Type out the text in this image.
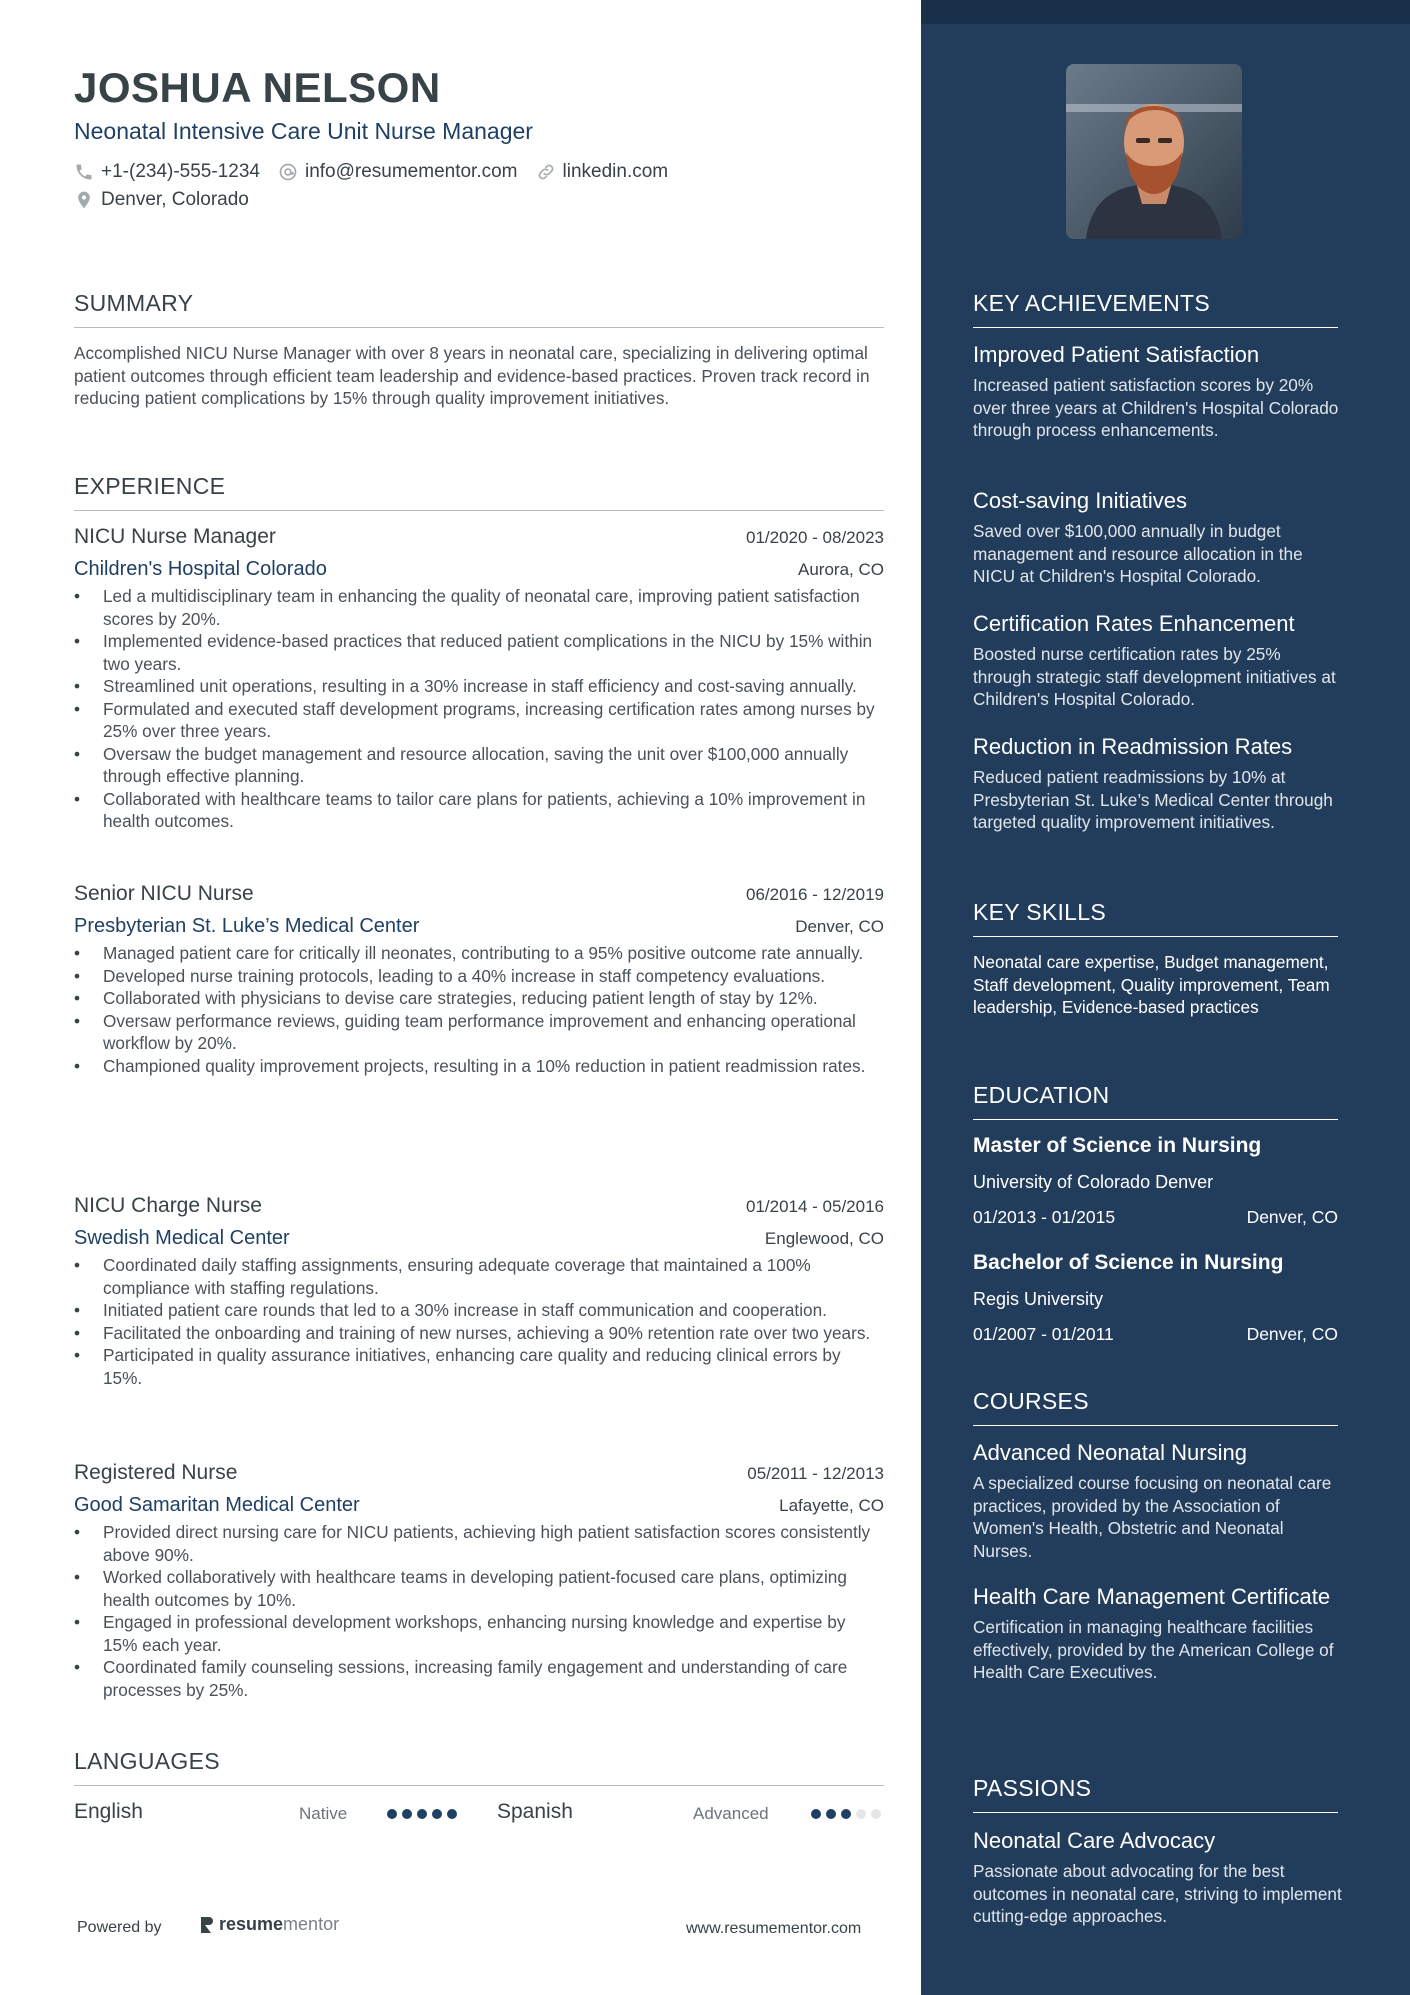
JOSHUA NELSON
Neonatal Intensive Care Unit Nurse Manager
+1-(234)-555-1234 info@resumementor.com linkedin.com
Denver, Colorado
SUMMARY
Accomplished NICU Nurse Manager with over 8 years in neonatal care, specializing in delivering optimal patient outcomes through efficient team leadership and evidence-based practices. Proven track record in reducing patient complications by 15% through quality improvement initiatives.
EXPERIENCE
NICU Nurse Manager	01/2020 - 08/2023
Children's Hospital Colorado	Aurora, CO
• Led a multidisciplinary team in enhancing the quality of neonatal care, improving patient satisfaction scores by 20%.
• Implemented evidence-based practices that reduced patient complications in the NICU by 15% within two years.
• Streamlined unit operations, resulting in a 30% increase in staff efficiency and cost-saving annually.
• Formulated and executed staff development programs, increasing certification rates among nurses by 25% over three years.
• Oversaw the budget management and resource allocation, saving the unit over $100,000 annually through effective planning.
• Collaborated with healthcare teams to tailor care plans for patients, achieving a 10% improvement in health outcomes.
Senior NICU Nurse	06/2016 - 12/2019
Presbyterian St. Luke’s Medical Center	Denver, CO
• Managed patient care for critically ill neonates, contributing to a 95% positive outcome rate annually.
• Developed nurse training protocols, leading to a 40% increase in staff competency evaluations.
• Collaborated with physicians to devise care strategies, reducing patient length of stay by 12%.
• Oversaw performance reviews, guiding team performance improvement and enhancing operational workflow by 20%.
• Championed quality improvement projects, resulting in a 10% reduction in patient readmission rates.
NICU Charge Nurse	01/2014 - 05/2016
Swedish Medical Center	Englewood, CO
• Coordinated daily staffing assignments, ensuring adequate coverage that maintained a 100% compliance with staffing regulations.
• Initiated patient care rounds that led to a 30% increase in staff communication and cooperation.
• Facilitated the onboarding and training of new nurses, achieving a 90% retention rate over two years.
• Participated in quality assurance initiatives, enhancing care quality and reducing clinical errors by 15%.
Registered Nurse	05/2011 - 12/2013
Good Samaritan Medical Center	Lafayette, CO
• Provided direct nursing care for NICU patients, achieving high patient satisfaction scores consistently above 90%.
• Worked collaboratively with healthcare teams in developing patient-focused care plans, optimizing health outcomes by 10%.
• Engaged in professional development workshops, enhancing nursing knowledge and expertise by 15% each year.
• Coordinated family counseling sessions, increasing family engagement and understanding of care processes by 25%.
LANGUAGES
English	Native	Spanish	Advanced
Powered by	resume mentor	www.resumementor.com
KEY ACHIEVEMENTS
Improved Patient Satisfaction
Increased patient satisfaction scores by 20% over three years at Children's Hospital Colorado through process enhancements.
Cost-saving Initiatives
Saved over $100,000 annually in budget management and resource allocation in the NICU at Children's Hospital Colorado.
Certification Rates Enhancement
Boosted nurse certification rates by 25% through strategic staff development initiatives at Children's Hospital Colorado.
Reduction in Readmission Rates
Reduced patient readmissions by 10% at Presbyterian St. Luke’s Medical Center through targeted quality improvement initiatives.
KEY SKILLS
Neonatal care expertise, Budget management, Staff development, Quality improvement, Team leadership, Evidence-based practices
EDUCATION
Master of Science in Nursing
University of Colorado Denver
01/2013 - 01/2015	Denver, CO
Bachelor of Science in Nursing
Regis University
01/2007 - 01/2011	Denver, CO
COURSES
Advanced Neonatal Nursing
A specialized course focusing on neonatal care practices, provided by the Association of Women's Health, Obstetric and Neonatal Nurses.
Health Care Management Certificate
Certification in managing healthcare facilities effectively, provided by the American College of Health Care Executives.
PASSIONS
Neonatal Care Advocacy
Passionate about advocating for the best outcomes in neonatal care, striving to implement cutting-edge approaches.
